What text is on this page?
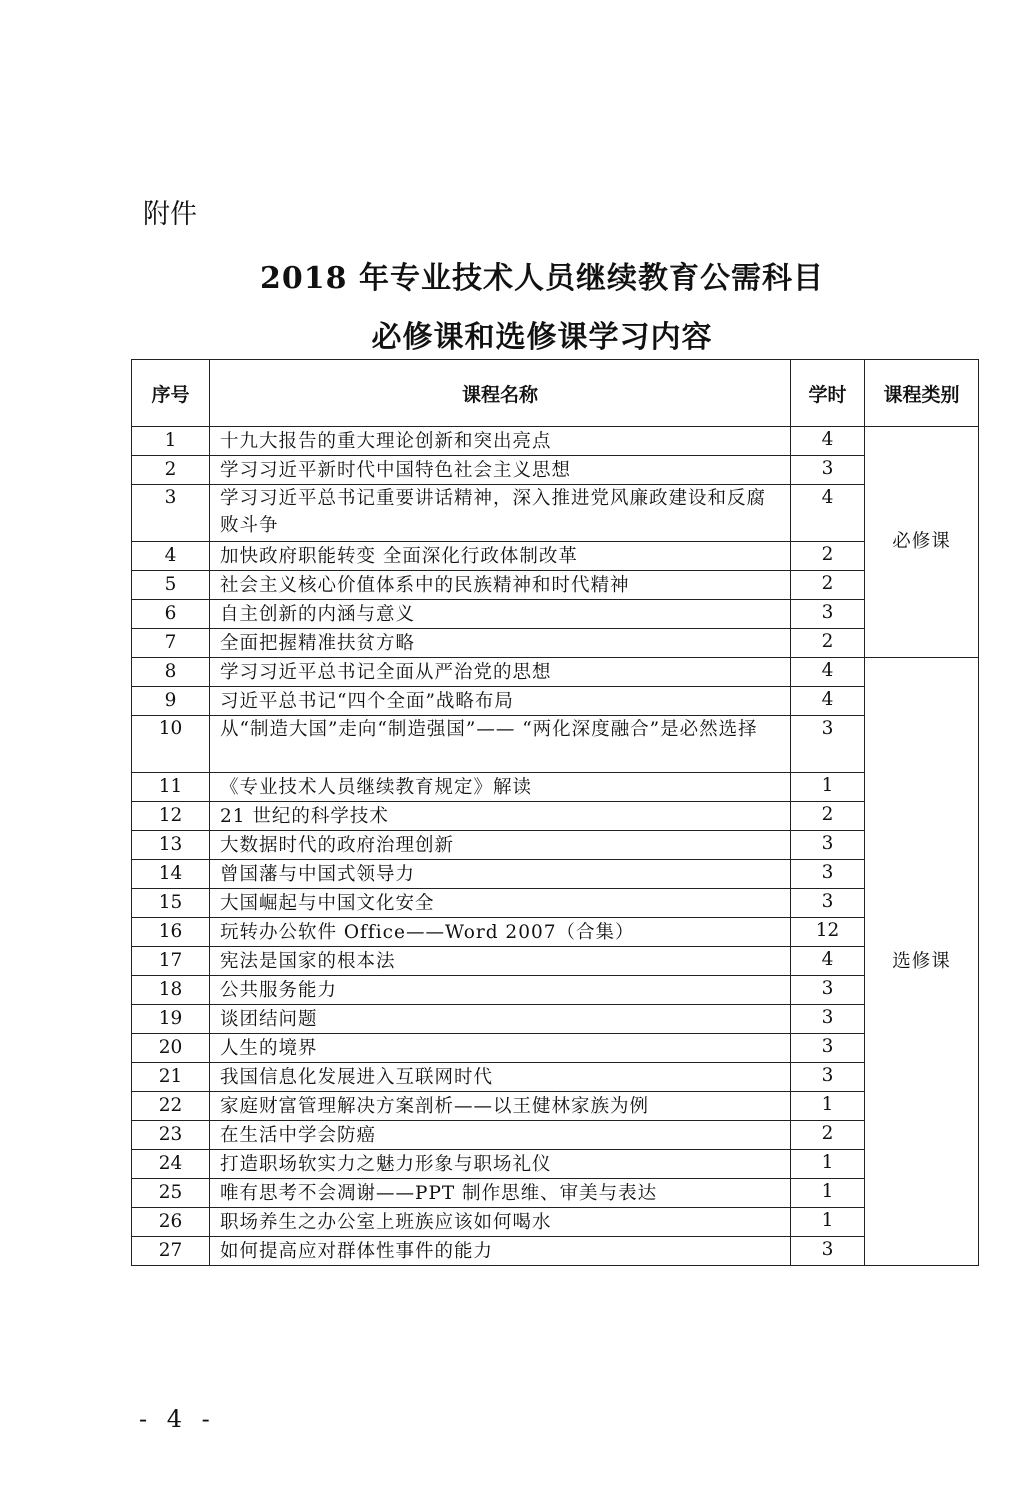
附件
2018 年专业技术人员继续教育公需科目
必修课和选修课学习内容
序号	课程名称	学时	课程类别
1	十九大报告的重大理论创新和突出亮点	4	必修课
2	学习习近平新时代中国特色社会主义思想	3	
3	学习习近平总书记重要讲话精神，深入推进党风廉政建设和反腐败斗争	4	
4	加快政府职能转变 全面深化行政体制改革	2	
5	社会主义核心价值体系中的民族精神和时代精神	2	
6	自主创新的内涵与意义	3	
7	全面把握精准扶贫方略	2	
8	学习习近平总书记全面从严治党的思想	4	选修课
9	习近平总书记“四个全面”战略布局	4	
10	从“制造大国”走向“制造强国”—— “两化深度融合”是必然选择	3	
11	《专业技术人员继续教育规定》解读	1	
12	21 世纪的科学技术	2	
13	大数据时代的政府治理创新	3	
14	曾国藩与中国式领导力	3	
15	大国崛起与中国文化安全	3	
16	玩转办公软件 Office——Word 2007（合集）	12	
17	宪法是国家的根本法	4	
18	公共服务能力	3	
19	谈团结问题	3	
20	人生的境界	3	
21	我国信息化发展进入互联网时代	3	
22	家庭财富管理解决方案剖析——以王健林家族为例	1	
23	在生活中学会防癌	2	
24	打造职场软实力之魅力形象与职场礼仪	1	
25	唯有思考不会凋谢——PPT 制作思维、审美与表达	1	
26	职场养生之办公室上班族应该如何喝水	1	
27	如何提高应对群体性事件的能力	3	
- 4 -
